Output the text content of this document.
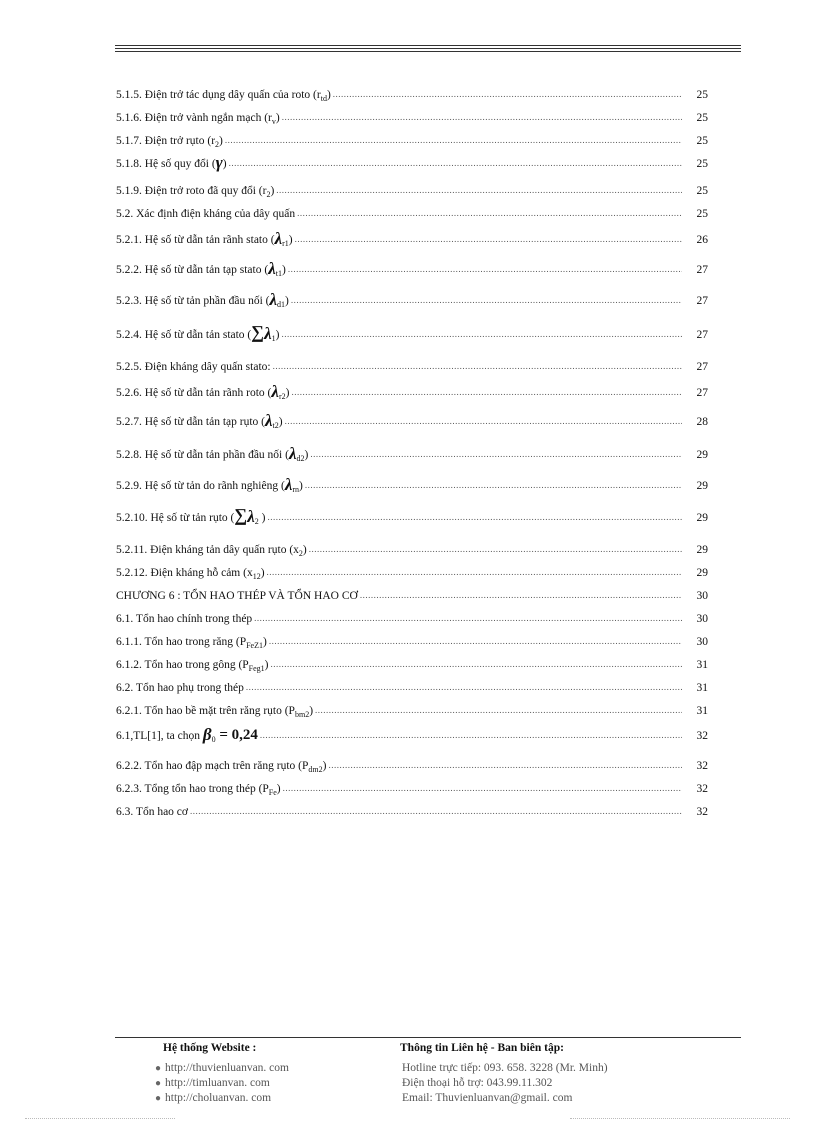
5.1.5. Điện trở tác dụng dây quấn của roto $(r_{td})$ .....	25
5.1.6. Điện trở vành ngắn mạch $(r_v)$ .....	25
5.1.7. Điện trở rụto $(r_2)$ .....	25
5.1.8. Hệ số quy đổi (γ) .....	25
5.1.9. Điện trở roto đã quy đổi $(r_2)$ .....	25
5.2. Xác định điện kháng của dây quấn .....	25
5.2.1. Hệ số từ dẫn tản rãnh stato $(\lambda_{r1})$ .....	26
5.2.2. Hệ số từ dẫn tản tạp stato $(\lambda_{t1})$ .....	27
5.2.3. Hệ số từ tản phần đầu nối $(\lambda_{d1})$ .....	27
5.2.4. Hệ số từ dẫn tản stato $(\sum\lambda_1)$ .....	27
5.2.5. Điện kháng dây quấn stato: .....	27
5.2.6. Hệ số từ dẫn tản rãnh roto $(\lambda_{r2})$ .....	27
5.2.7. Hệ số từ dẫn tản tạp rụto $(\lambda_{t2})$ .....	28
5.2.8. Hệ số từ dẫn tản phần đầu nối $(\lambda_{d2})$ .....	29
5.2.9. Hệ số từ tản do rãnh nghiêng $(\lambda_{rn})$ .....	29
5.2.10. Hệ số từ tản rụto ($\sum\lambda_2$ ) .....	29
5.2.11. Điện kháng tản dây quấn rụto $(x_2)$ .....	29
5.2.12. Điện kháng hỗ cảm $(x_{12})$ .....	29
CHƯƠNG 6 : TỔN HAO THÉP VÀ TỔN HAO CƠ .....	30
6.1. Tổn hao chính trong thép .....	30
6.1.1. Tổn hao trong răng $(P_{FeZ1})$ .....	30
6.1.2. Tổn hao trong gông $(P_{Feg1})$ .....	31
6.2. Tổn hao phụ trong thép .....	31
6.2.1. Tổn hao bề mặt trên răng rụto $(P_{bm2})$ .....	31
6.1,TL[1], ta chọn $\beta_0 = 0,24$ .....	32
6.2.2. Tổn hao đập mạch trên răng rụto $(P_{dm2})$ .....	32
6.2.3. Tổng tổn hao trong thép $(P_{Fe})$ .....	32
6.3. Tổn hao cơ .....	32
Hệ thống Website :	Thông tin Liên hệ - Ban biên tập:
● http://thuvienluanvan. com
● http://timluanvan. com
● http://choluanvan. com
Hotline trực tiếp: 093. 658. 3228 (Mr. Minh)
Điện thoại hỗ trợ: 043.99.11.302
Email: Thuvienluanvan@gmail. com
